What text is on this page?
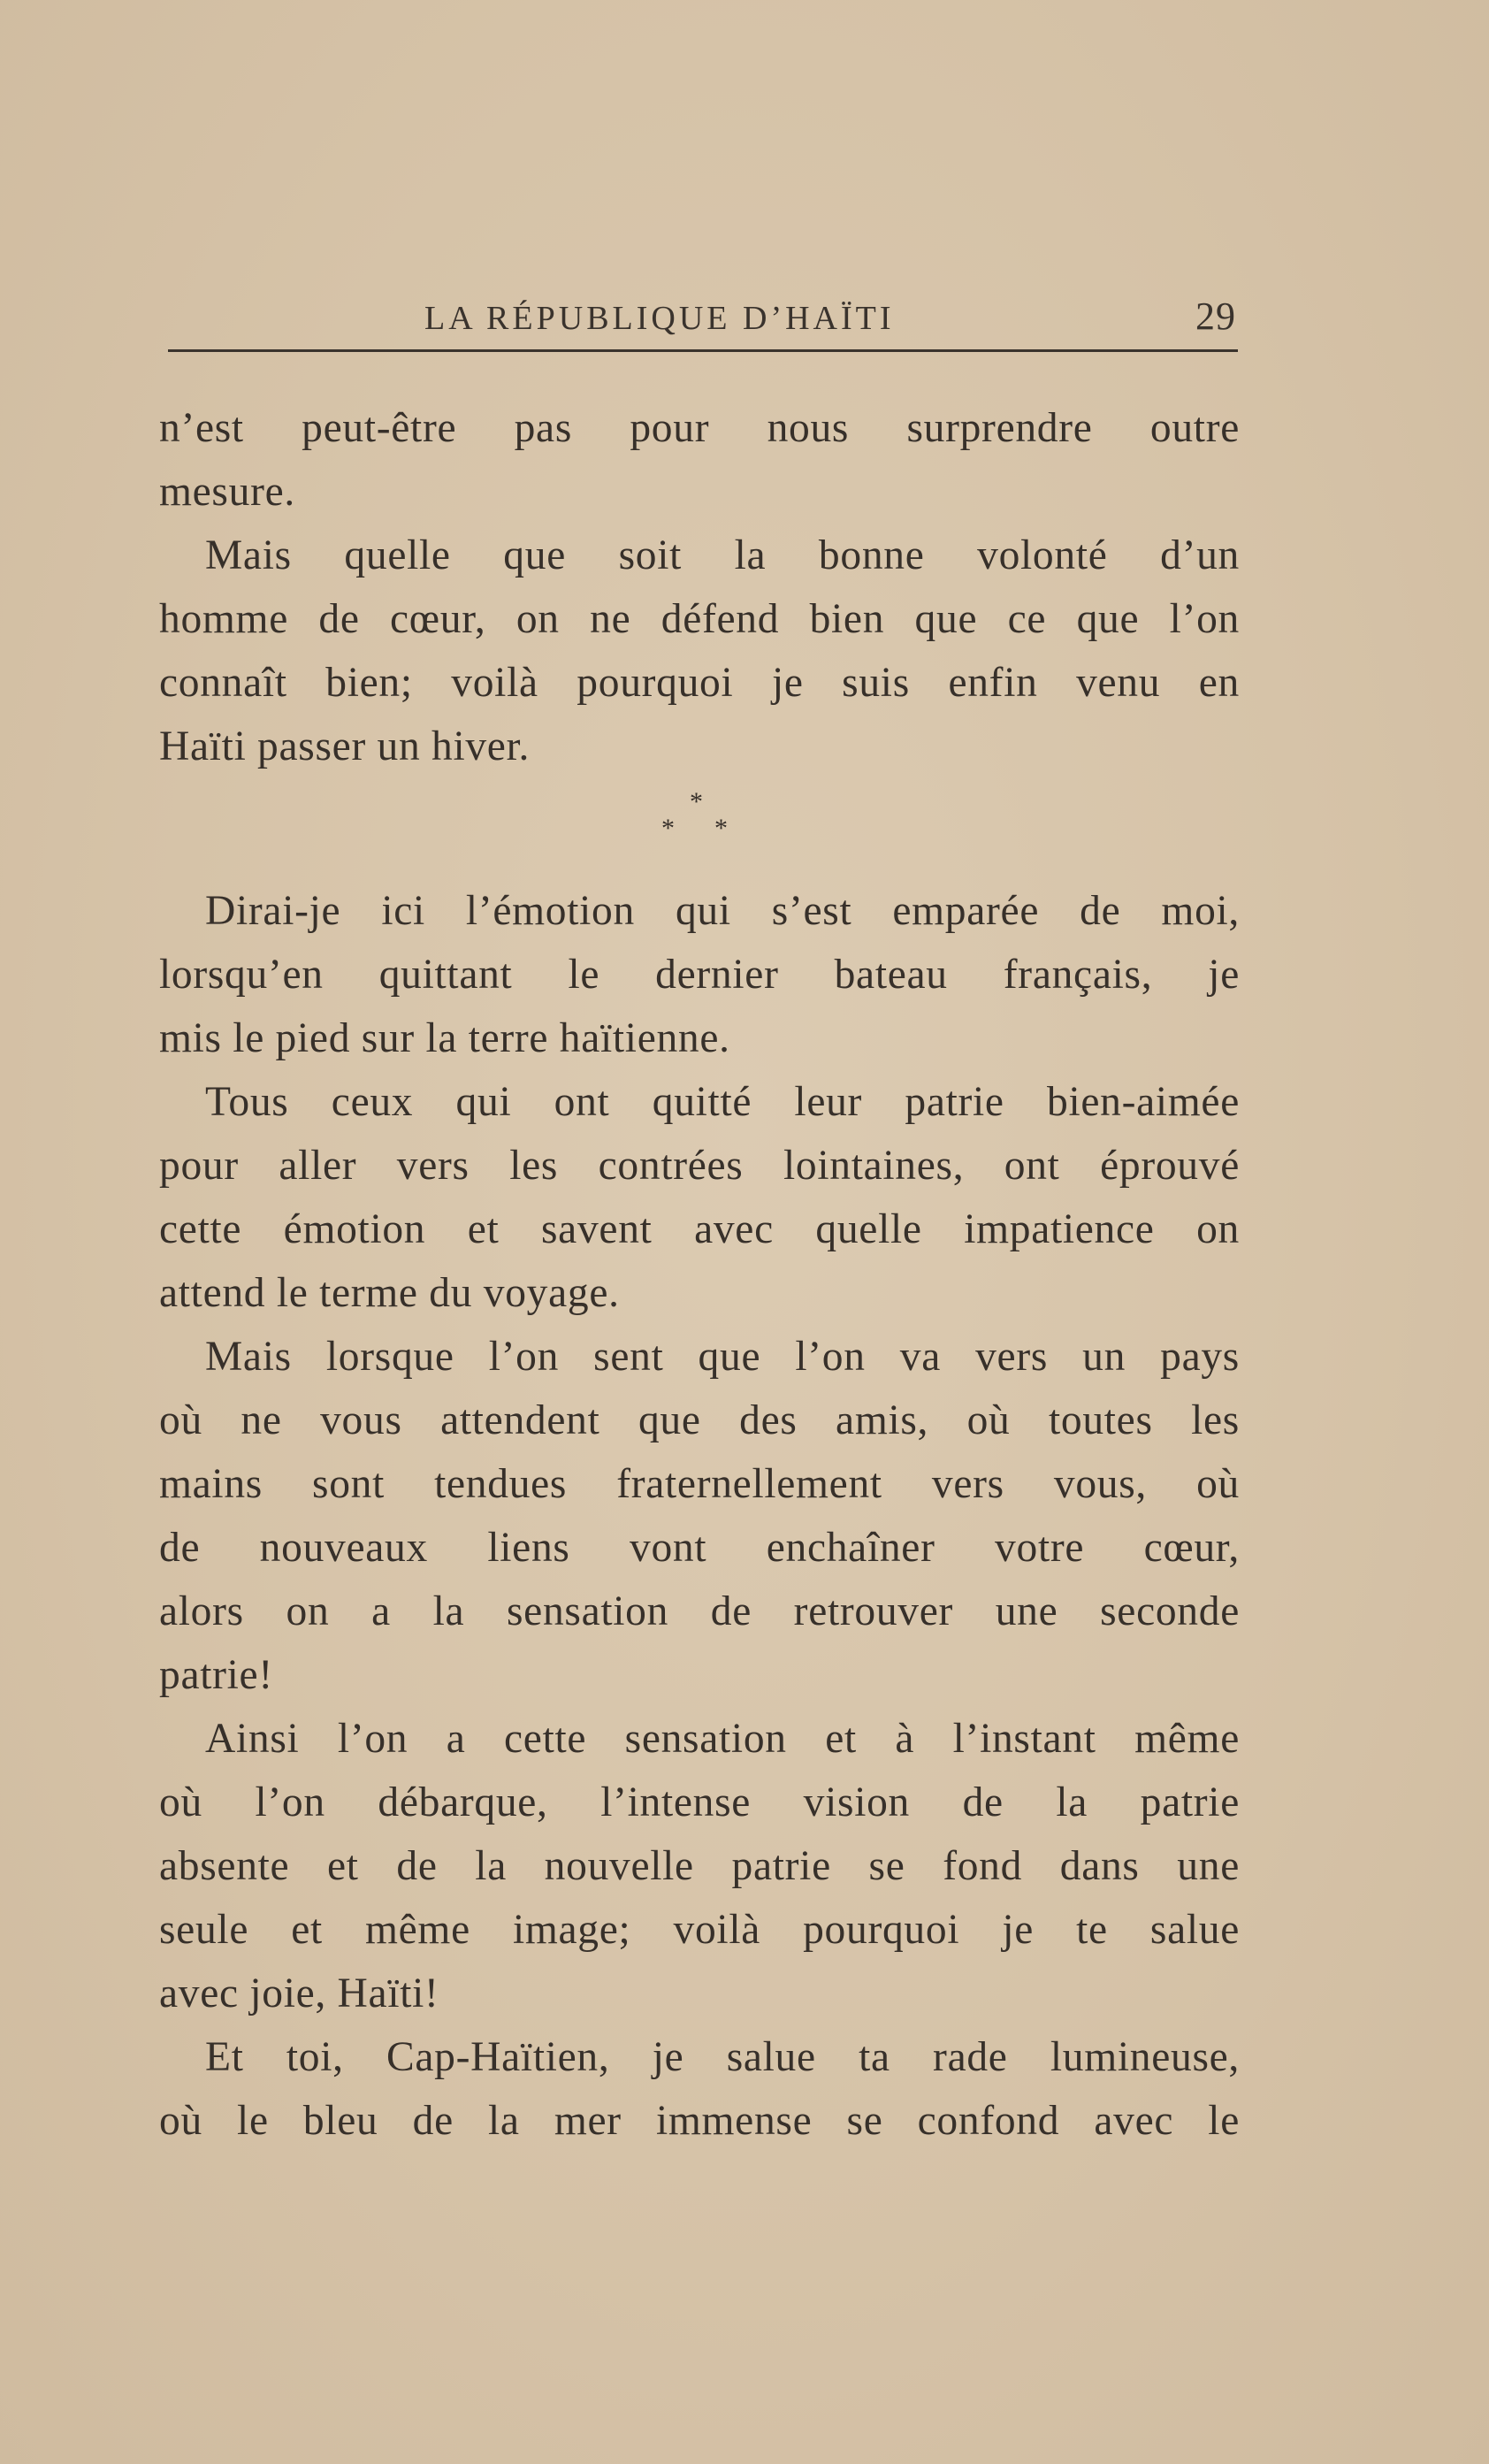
LA RÉPUBLIQUE D’HAÏTI	29
n’est peut-être pas pour nous surprendre outre
mesure.
Mais quelle que soit la bonne volonté d’un
homme de cœur, on ne défend bien que ce que l’on
connaît bien; voilà pourquoi je suis enfin venu en
Haïti passer un hiver.
*
* *
Dirai-je ici l’émotion qui s’est emparée de moi,
lorsqu’en quittant le dernier bateau français, je
mis le pied sur la terre haïtienne.
Tous ceux qui ont quitté leur patrie bien-aimée
pour aller vers les contrées lointaines, ont éprouvé
cette émotion et savent avec quelle impatience on
attend le terme du voyage.
Mais lorsque l’on sent que l’on va vers un pays
où ne vous attendent que des amis, où toutes les
mains sont tendues fraternellement vers vous, où
de nouveaux liens vont enchaîner votre cœur,
alors on a la sensation de retrouver une seconde
patrie!
Ainsi l’on a cette sensation et à l’instant même
où l’on débarque, l’intense vision de la patrie
absente et de la nouvelle patrie se fond dans une
seule et même image; voilà pourquoi je te salue
avec joie, Haïti!
Et toi, Cap-Haïtien, je salue ta rade lumineuse,
où le bleu de la mer immense se confond avec le
